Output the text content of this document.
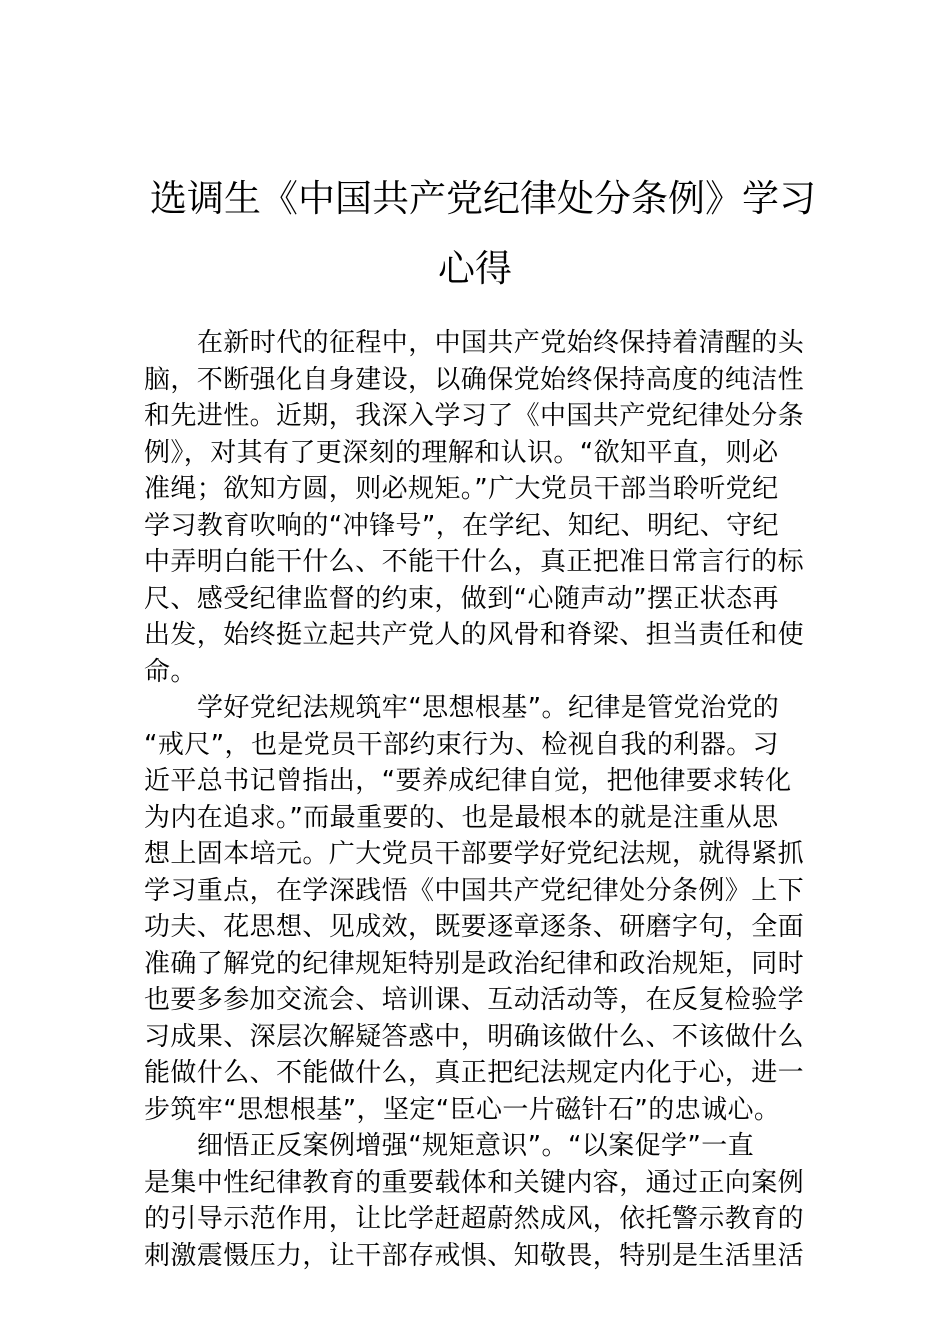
选调生《中国共产党纪律处分条例》学习
心得
在新时代的征程中，中国共产党始终保持着清醒的头
脑，不断强化自身建设，以确保党始终保持高度的纯洁性
和先进性。近期，我深入学习了《中国共产党纪律处分条
例》，对其有了更深刻的理解和认识。“欲知平直，则必
准绳；欲知方圆，则必规矩。”广大党员干部当聆听党纪
学习教育吹响的“冲锋号”，在学纪、知纪、明纪、守纪
中弄明白能干什么、不能干什么，真正把准日常言行的标
尺、感受纪律监督的约束，做到“心随声动”摆正状态再
出发，始终挺立起共产党人的风骨和脊梁、担当责任和使
命。
学好党纪法规筑牢“思想根基”。纪律是管党治党的
“戒尺”，也是党员干部约束行为、检视自我的利器。习
近平总书记曾指出，“要养成纪律自觉，把他律要求转化
为内在追求。”而最重要的、也是最根本的就是注重从思
想上固本培元。广大党员干部要学好党纪法规，就得紧抓
学习重点，在学深践悟《中国共产党纪律处分条例》上下
功夫、花思想、见成效，既要逐章逐条、研磨字句，全面
准确了解党的纪律规矩特别是政治纪律和政治规矩，同时
也要多参加交流会、培训课、互动活动等，在反复检验学
习成果、深层次解疑答惑中，明确该做什么、不该做什么
能做什么、不能做什么，真正把纪法规定内化于心，进一
步筑牢“思想根基”，坚定“臣心一片磁针石”的忠诚心。
细悟正反案例增强“规矩意识”。“以案促学”一直
是集中性纪律教育的重要载体和关键内容，通过正向案例
的引导示范作用，让比学赶超蔚然成风，依托警示教育的
刺激震慑压力，让干部存戒惧、知敬畏，特别是生活里活
